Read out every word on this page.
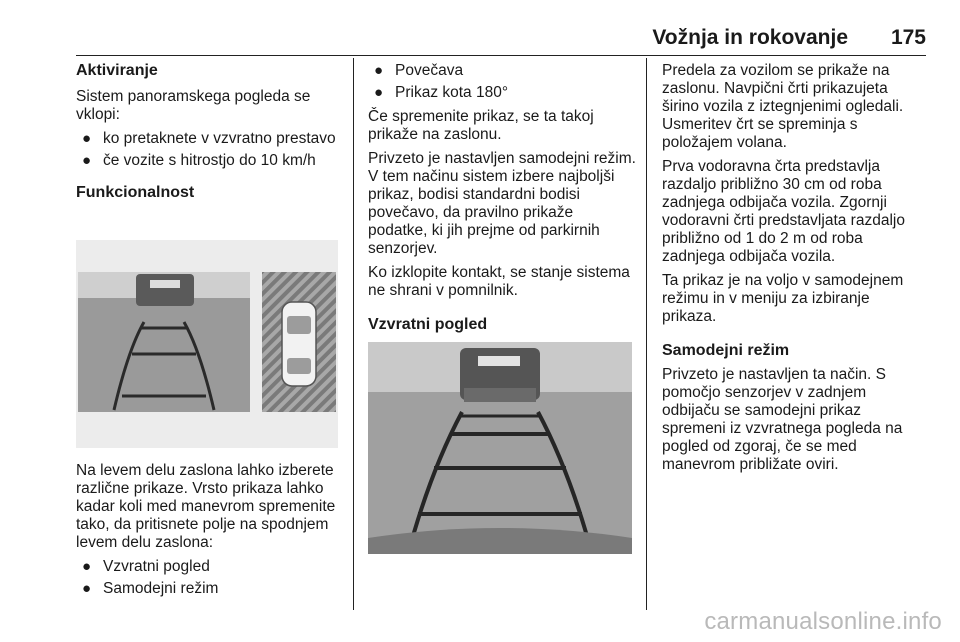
Vožnja in rokovanje 175

Aktiviranje

Sistem panoramskega pogleda se vklopi:

● ko pretaknete v vzvratno prestavo
● če vozite s hitrostjo do 10 km/h

Funkcionalnost

Na levem delu zaslona lahko izberete različne prikaze. Vrsto prikaza lahko kadar koli med manevrom spremenite tako, da pritisnete polje na spodnjem levem delu zaslona:

● Vzvratni pogled
● Samodejni režim
● Povečava
● Prikaz kota 180°

Če spremenite prikaz, se ta takoj prikaže na zaslonu.

Privzeto je nastavljen samodejni režim. V tem načinu sistem izbere najboljši prikaz, bodisi standardni bodisi povečavo, da pravilno prikaže podatke, ki jih prejme od parkirnih senzorjev.

Ko izklopite kontakt, se stanje sistema ne shrani v pomnilnik.

Vzvratni pogled

Predela za vozilom se prikaže na zaslonu. Navpični črti prikazujeta širino vozila z iztegnjenimi ogledali. Usmeritev črt se spreminja s položajem volana.

Prva vodoravna črta predstavlja razdaljo približno 30 cm od roba zadnjega odbijača vozila. Zgornji vodoravni črti predstavljata razdaljo približno od 1 do 2 m od roba zadnjega odbijača vozila.

Ta prikaz je na voljo v samodejnem režimu in v meniju za izbiranje prikaza.

Samodejni režim

Privzeto je nastavljen ta način. S pomočjo senzorjev v zadnjem odbijaču se samodejni prikaz spremeni iz vzvratnega pogleda na pogled od zgoraj, če se med manevrom približate oviri.

carmanualsonline.info
